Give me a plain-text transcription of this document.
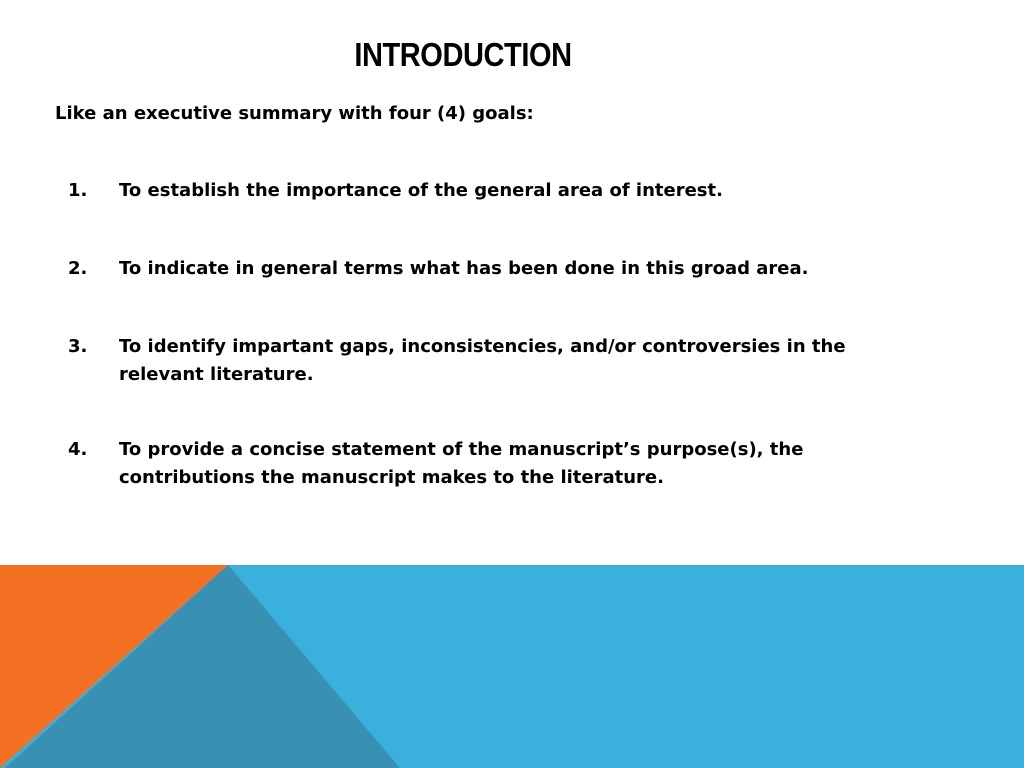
INTRODUCTION
Like an executive summary with four (4) goals:
1.	To establish the importance of the general area of interest.
2.	To indicate in general terms what has been done in this groad area.
3.	To identify impartant gaps, inconsistencies, and/or controversies in the relevant literature.
4.	To provide a concise statement of the manuscript’s purpose(s), the contributions the manuscript makes to the literature.
